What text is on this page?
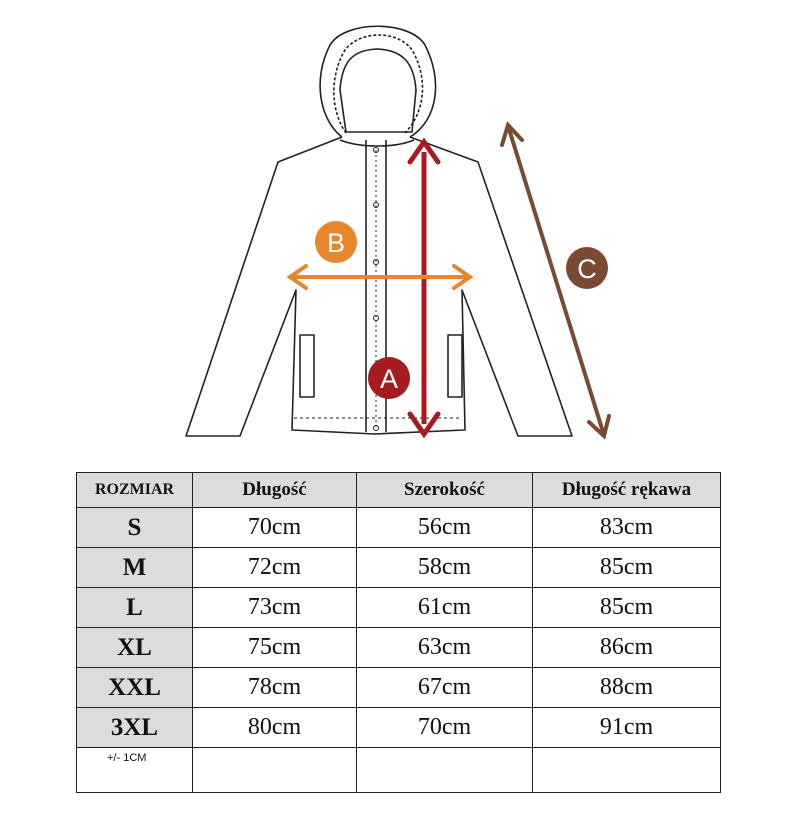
A
B
C
ROZMIAR	Długość	Szerokość	Długość rękawa
S	70cm	56cm	83cm
M	72cm	58cm	85cm
L	73cm	61cm	85cm
XL	75cm	63cm	86cm
XXL	78cm	67cm	88cm
3XL	80cm	70cm	91cm
+/- 1CM			
